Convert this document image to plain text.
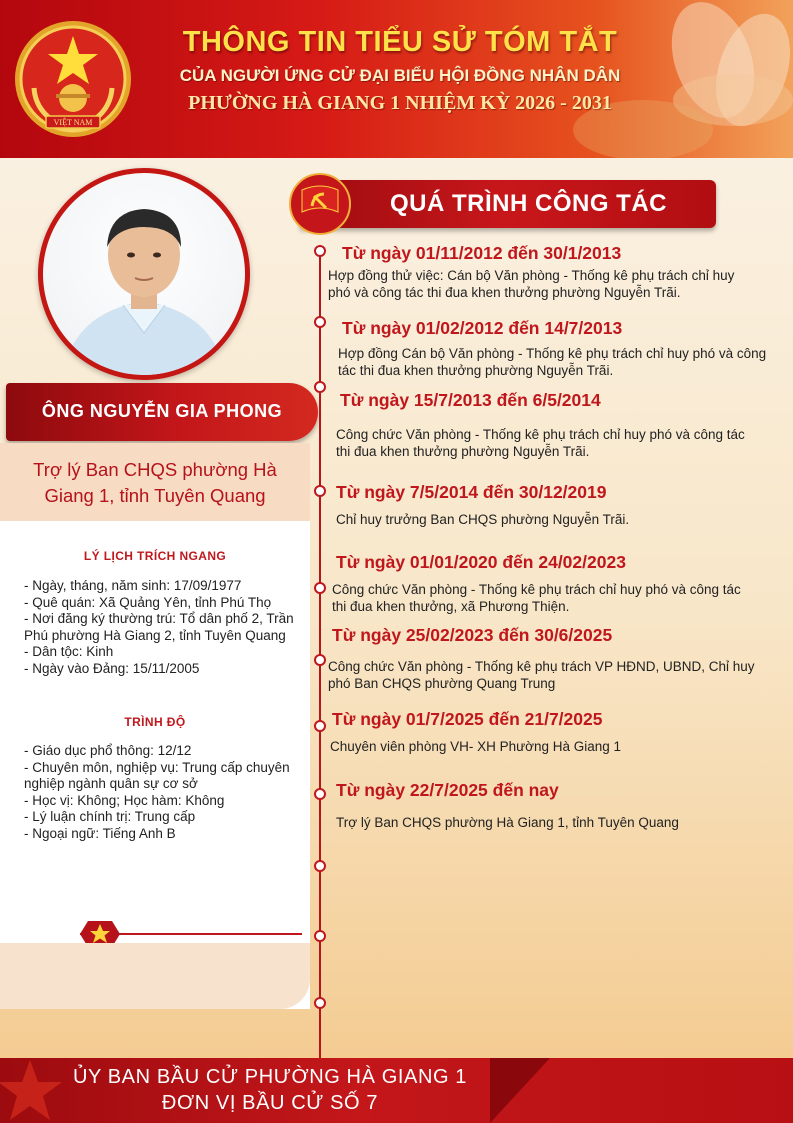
VIỆT NAM
THÔNG TIN TIỂU SỬ TÓM TẮT
CỦA NGƯỜI ỨNG CỬ ĐẠI BIỂU HỘI ĐỒNG NHÂN DÂN
PHƯỜNG HÀ GIANG 1 NHIỆM KỲ 2026 - 2031
ÔNG NGUYỄN GIA PHONG
Trợ lý Ban CHQS phường Hà Giang 1, tỉnh Tuyên Quang
LÝ LỊCH TRÍCH NGANG
- Ngày, tháng, năm sinh: 17/09/1977
- Quê quán: Xã Quảng Yên, tỉnh Phú Thọ
- Nơi đăng ký thường trú: Tổ dân phố 2, Trần Phú phường Hà Giang 2, tỉnh Tuyên Quang
- Dân tộc: Kinh
- Ngày vào Đảng: 15/11/2005
TRÌNH ĐỘ
- Giáo dục phổ thông: 12/12
- Chuyên môn, nghiệp vụ: Trung cấp chuyên nghiệp ngành quân sự cơ sở
- Học vị: Không; Học hàm: Không
- Lý luận chính trị: Trung cấp
- Ngoại ngữ: Tiếng Anh B
QUÁ TRÌNH CÔNG TÁC
Từ ngày 01/11/2012 đến 30/1/2013
Hợp đồng thử việc: Cán bộ Văn phòng - Thống kê phụ trách chỉ huy phó và công tác thi đua khen thưởng phường Nguyễn Trãi.
Từ ngày 01/02/2012 đến 14/7/2013
Hợp đồng Cán bộ Văn phòng - Thống kê phụ trách chỉ huy phó và công tác thi đua khen thưởng phường Nguyễn Trãi.
Từ ngày 15/7/2013 đến 6/5/2014
Công chức Văn phòng - Thống kê phụ trách chỉ huy phó và công tác thi đua khen thưởng phường Nguyễn Trãi.
Từ ngày 7/5/2014 đến 30/12/2019
Chỉ huy trưởng Ban CHQS phường Nguyễn Trãi.
Từ ngày 01/01/2020 đến 24/02/2023
Công chức Văn phòng - Thống kê phụ trách chỉ huy phó và công tác thi đua khen thưởng, xã Phương Thiện.
Từ ngày 25/02/2023 đến 30/6/2025
Công chức Văn phòng - Thống kê phụ trách VP HĐND, UBND, Chỉ huy phó Ban CHQS phường Quang Trung
Từ ngày 01/7/2025 đến 21/7/2025
Chuyên viên phòng VH- XH Phường Hà Giang 1
Từ ngày 22/7/2025 đến nay
Trợ lý Ban CHQS phường Hà Giang 1, tỉnh Tuyên Quang
ỦY BAN BẦU CỬ PHƯỜNG HÀ GIANG 1
ĐƠN VỊ BẦU CỬ SỐ 7
